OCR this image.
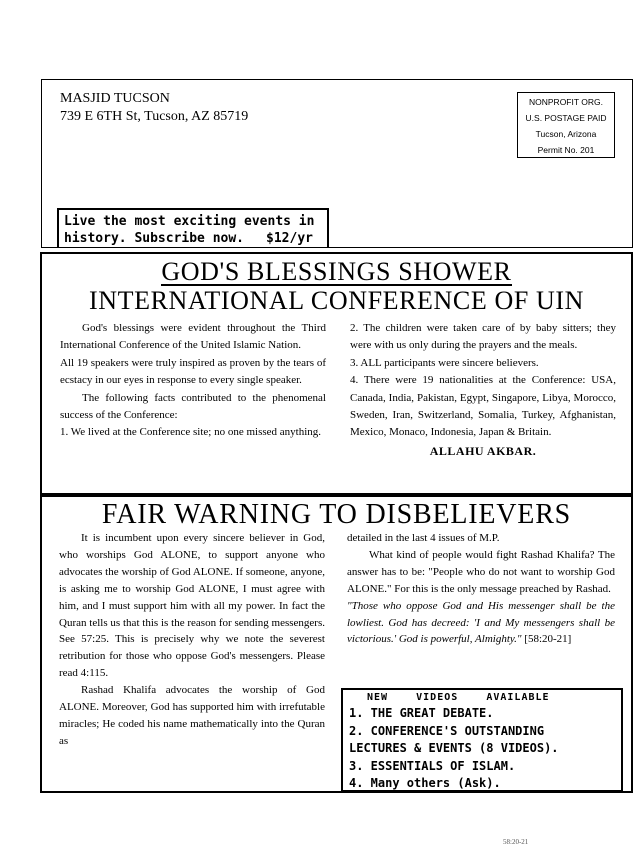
MASJID TUCSON
739 E 6TH St, Tucson, AZ 85719
NONPROFIT ORG.
U.S. POSTAGE PAID
Tucson, Arizona
Permit No. 201
Live the most exciting events in
history. Subscribe now. $12/yr
GOD'S BLESSINGS SHOWER
INTERNATIONAL CONFERENCE OF UIN

God's blessings were evident throughout the Third International Conference of the United Islamic Nation.

All 19 speakers were truly inspired as proven by the tears of ecstacy in our eyes in response to every single speaker.

The following facts contributed to the phenomenal success of the Conference:

1. We lived at the Conference site; no one missed anything.

2. The children were taken care of by baby sitters; they were with us only during the prayers and the meals.

3. ALL participants were sincere believers.

4. There were 19 nationalities at the Conference: USA, Canada, India, Pakistan, Egypt, Singapore, Libya, Morocco, Sweden, Iran, Switzerland, Somalia, Turkey, Afghanistan, Mexico, Monaco, Indonesia, Japan & Britain.

ALLAHU AKBAR.

FAIR WARNING TO DISBELIEVERS

It is incumbent upon every sincere believer in God, who worships God ALONE, to support anyone who advocates the worship of God ALONE. If someone, anyone, is asking me to worship God ALONE, I must agree with him, and I must support him with all my power. In fact the Quran tells us that this is the reason for sending messengers. See 57:25. This is precisely why we note the severest retribution for those who oppose God's messengers. Please read 4:115.

Rashad Khalifa advocates the worship of God ALONE. Moreover, God has supported him with irrefutable miracles; He coded his name mathematically into the Quran as

detailed in the last 4 issues of M.P.

What kind of people would fight Rashad Khalifa? The answer has to be: "People who do not want to worship God ALONE." For this is the only message preached by Rashad.

"Those who oppose God and His messenger shall be the lowliest. God has decreed: 'I and My messengers shall be victorious.' God is powerful, Almighty." [58:20-21]

NEW    VIDEOS    AVAILABLE
1. THE GREAT DEBATE.
2. CONFERENCE'S OUTSTANDING
LECTURES & EVENTS (8 VIDEOS).
3. ESSENTIALS OF ISLAM.
4. Many others (Ask).
58:20-21
